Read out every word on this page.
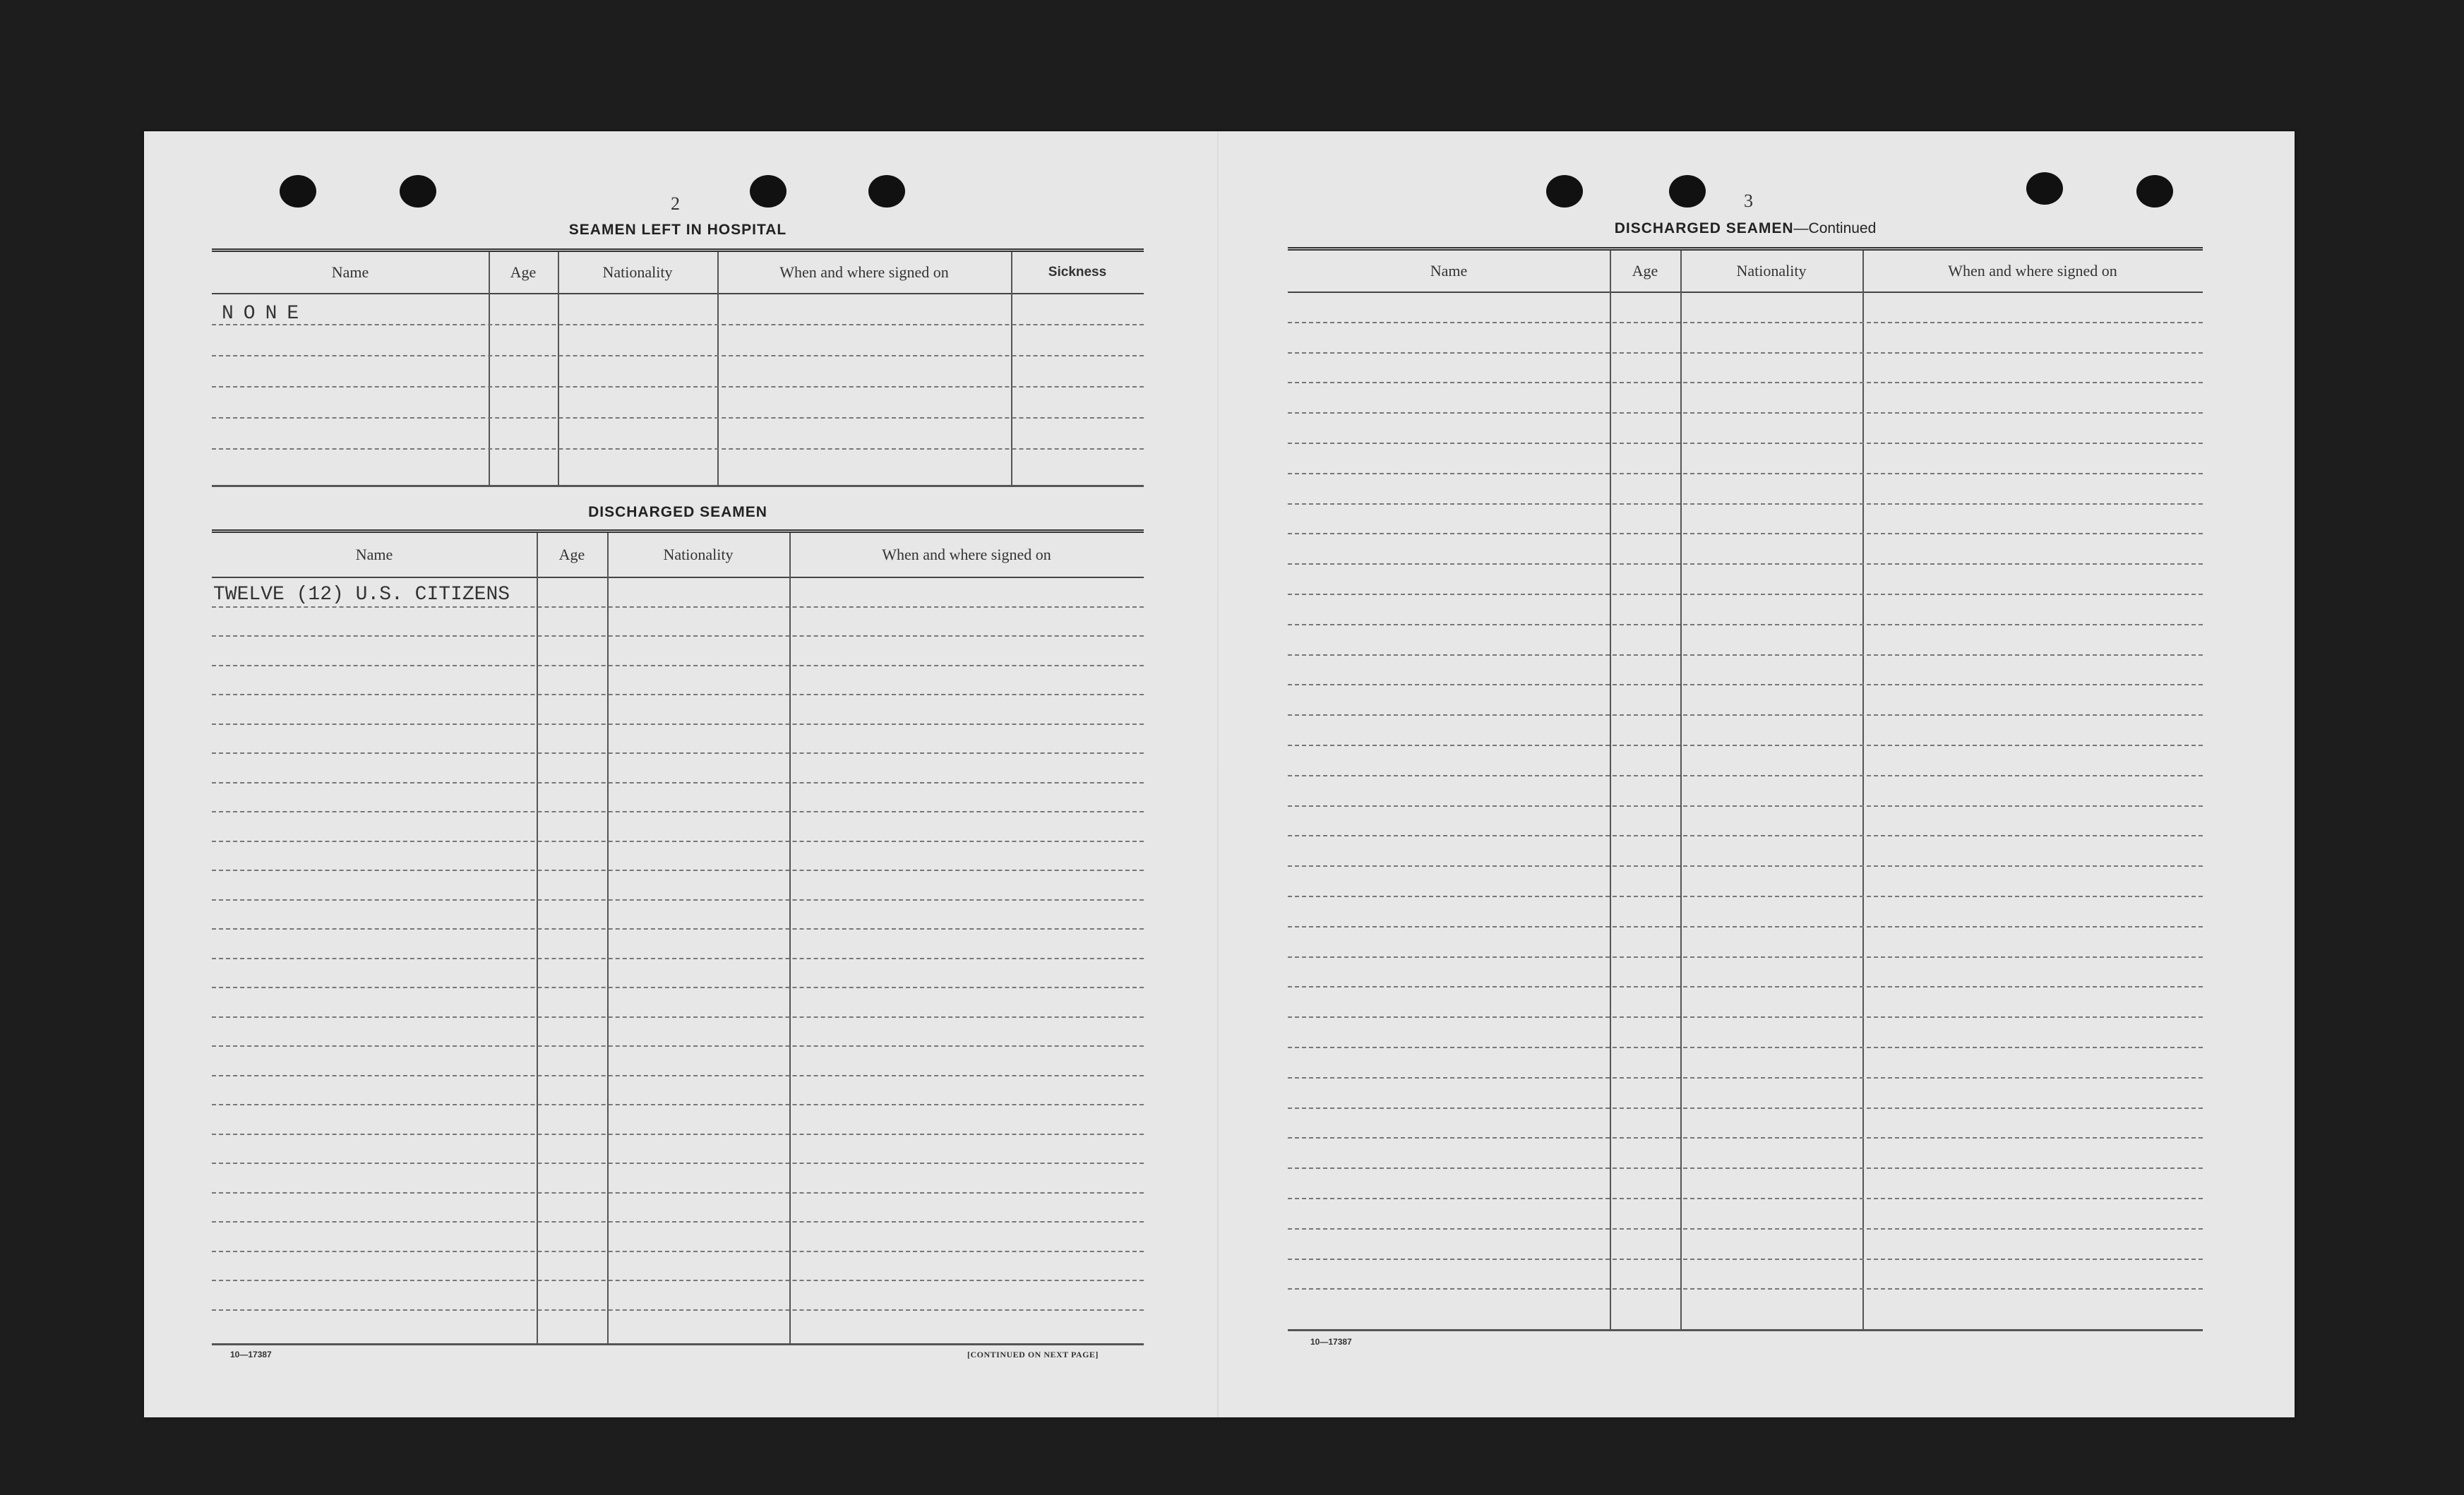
2
SEAMEN LEFT IN HOSPITAL
Name	Age	Nationality	When and where signed on	Sickness
NONE
DISCHARGED SEAMEN
Name	Age	Nationality	When and where signed on
TWELVE (12) U.S. CITIZENS
10—17387	[CONTINUED ON NEXT PAGE]
3
DISCHARGED SEAMEN—Continued
Name	Age	Nationality	When and where signed on
10—17387
